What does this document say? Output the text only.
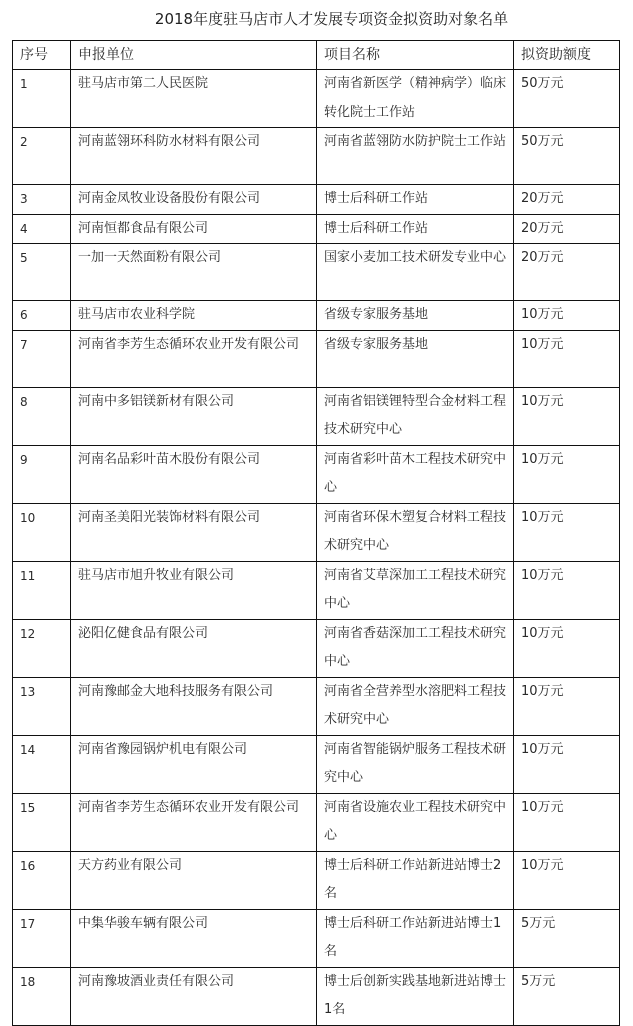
2018年度驻马店市人才发展专项资金拟资助对象名单
序号	申报单位	项目名称	拟资助额度
1	驻马店市第二人民医院	河南省新医学（精神病学）临床转化院士工作站	50万元
2	河南蓝翎环科防水材料有限公司	河南省蓝翎防水防护院士工作站	50万元
3	河南金凤牧业设备股份有限公司	博士后科研工作站	20万元
4	河南恒都食品有限公司	博士后科研工作站	20万元
5	一加一天然面粉有限公司	国家小麦加工技术研发专业中心	20万元
6	驻马店市农业科学院	省级专家服务基地	10万元
7	河南省李芳生态循环农业开发有限公司	省级专家服务基地	10万元
8	河南中多铝镁新材有限公司	河南省铝镁锂特型合金材料工程技术研究中心	10万元
9	河南名品彩叶苗木股份有限公司	河南省彩叶苗木工程技术研究中心	10万元
10	河南圣美阳光装饰材料有限公司	河南省环保木塑复合材料工程技术研究中心	10万元
11	驻马店市旭升牧业有限公司	河南省艾草深加工工程技术研究中心	10万元
12	泌阳亿健食品有限公司	河南省香菇深加工工程技术研究中心	10万元
13	河南豫邮金大地科技服务有限公司	河南省全营养型水溶肥料工程技术研究中心	10万元
14	河南省豫园锅炉机电有限公司	河南省智能锅炉服务工程技术研究中心	10万元
15	河南省李芳生态循环农业开发有限公司	河南省设施农业工程技术研究中心	10万元
16	天方药业有限公司	博士后科研工作站新进站博士2名	10万元
17	中集华骏车辆有限公司	博士后科研工作站新进站博士1名	5万元
18	河南豫坡酒业责任有限公司	博士后创新实践基地新进站博士1名	5万元
